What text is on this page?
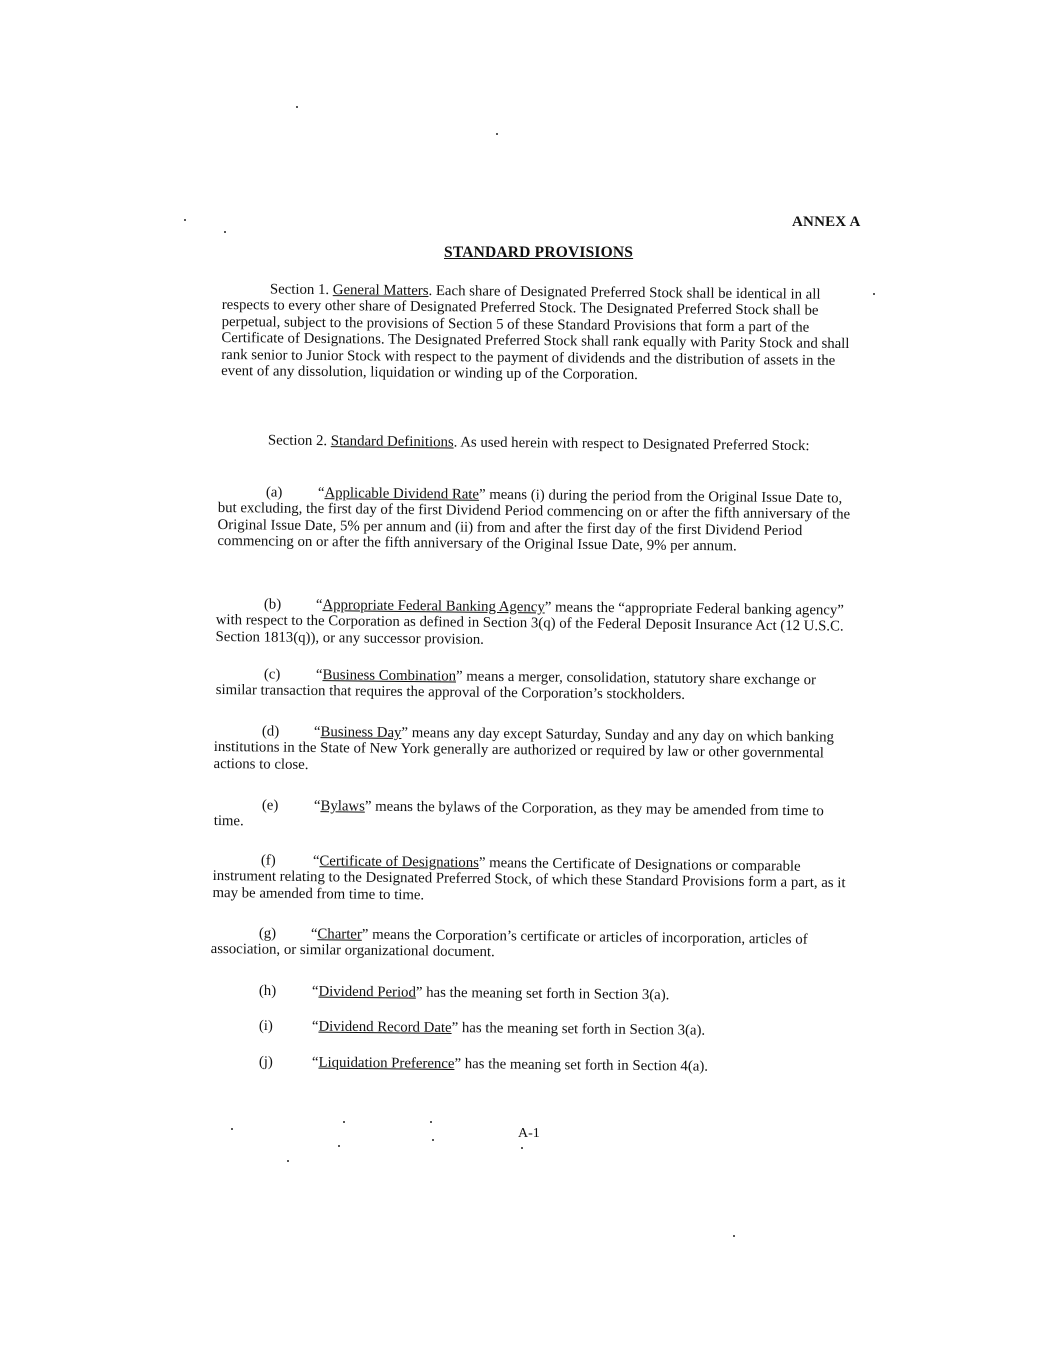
ANNEX A
STANDARD PROVISIONS
Section 1. General Matters. Each share of Designated Preferred Stock shall be identical in all respects to every other share of Designated Preferred Stock. The Designated Preferred Stock shall be perpetual, subject to the provisions of Section 5 of these Standard Provisions that form a part of the Certificate of Designations. The Designated Preferred Stock shall rank equally with Parity Stock and shall rank senior to Junior Stock with respect to the payment of dividends and the distribution of assets in the event of any dissolution, liquidation or winding up of the Corporation.
Section 2. Standard Definitions. As used herein with respect to Designated Preferred Stock:
(a) “Applicable Dividend Rate” means (i) during the period from the Original Issue Date to, but excluding, the first day of the first Dividend Period commencing on or after the fifth anniversary of the Original Issue Date, 5% per annum and (ii) from and after the first day of the first Dividend Period commencing on or after the fifth anniversary of the Original Issue Date, 9% per annum.
(b) “Appropriate Federal Banking Agency” means the “appropriate Federal banking agency” with respect to the Corporation as defined in Section 3(q) of the Federal Deposit Insurance Act (12 U.S.C. Section 1813(q)), or any successor provision.
(c) “Business Combination” means a merger, consolidation, statutory share exchange or similar transaction that requires the approval of the Corporation’s stockholders.
(d) “Business Day” means any day except Saturday, Sunday and any day on which banking institutions in the State of New York generally are authorized or required by law or other governmental actions to close.
(e) “Bylaws” means the bylaws of the Corporation, as they may be amended from time to time.
(f)	“Certificate of Designations” means the Certificate of Designations or comparable instrument relating to the Designated Preferred Stock, of which these Standard Provisions form a part, as it may be amended from time to time.
(g) “Charter” means the Corporation’s certificate or articles of incorporation, articles of association, or similar organizational document.
(h) “Dividend Period” has the meaning set forth in Section 3(a).
(i)	“Dividend Record Date” has the meaning set forth in Section 3(a).
(j)	“Liquidation Preference” has the meaning set forth in Section 4(a).
A-1
